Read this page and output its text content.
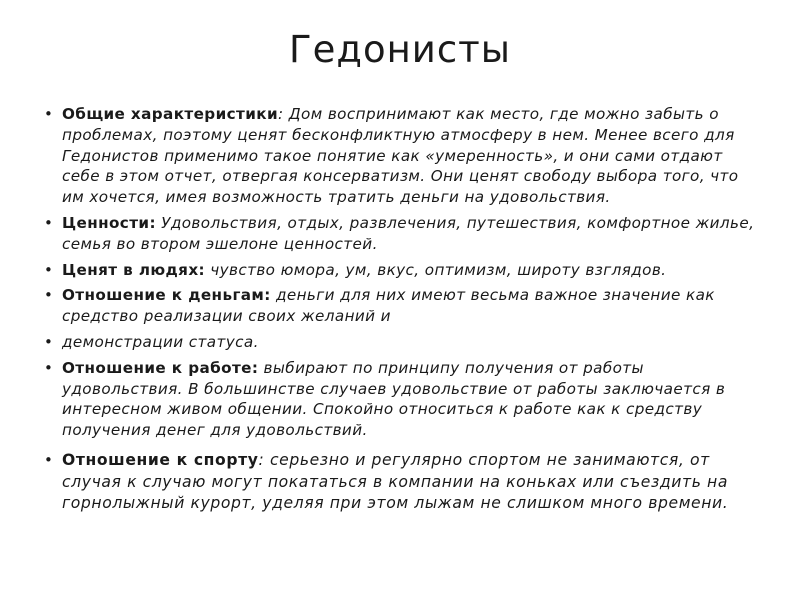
Гедонисты
• Общие характеристики: Дом воспринимают как место, где можно забыть о проблемах, поэтому ценят бесконфликтную атмосферу в нем. Менее всего для Гедонистов применимо такое понятие как «умеренность», и они сами отдают себе в этом отчет, отвергая консерватизм. Они ценят свободу выбора того, что им хочется, имея возможность тратить деньги на удовольствия.
• Ценности: Удовольствия, отдых, развлечения, путешествия, комфортное жилье, семья во втором эшелоне ценностей.
• Ценят в людях: чувство юмора, ум, вкус, оптимизм, широту взглядов.
• Отношение к деньгам: деньги для них имеют весьма важное значение как средство реализации своих желаний и
• демонстрации статуса.
• Отношение к работе: выбирают по принципу получения от работы удовольствия. В большинстве случаев удовольствие от работы заключается в интересном живом общении. Спокойно относиться к работе как к средству получения денег для удовольствий.
• Отношение к спорту: серьезно и регулярно спортом не занимаются, от случая к случаю могут покататься в компании на коньках или съездить на горнолыжный курорт, уделяя при этом лыжам не слишком много времени.
